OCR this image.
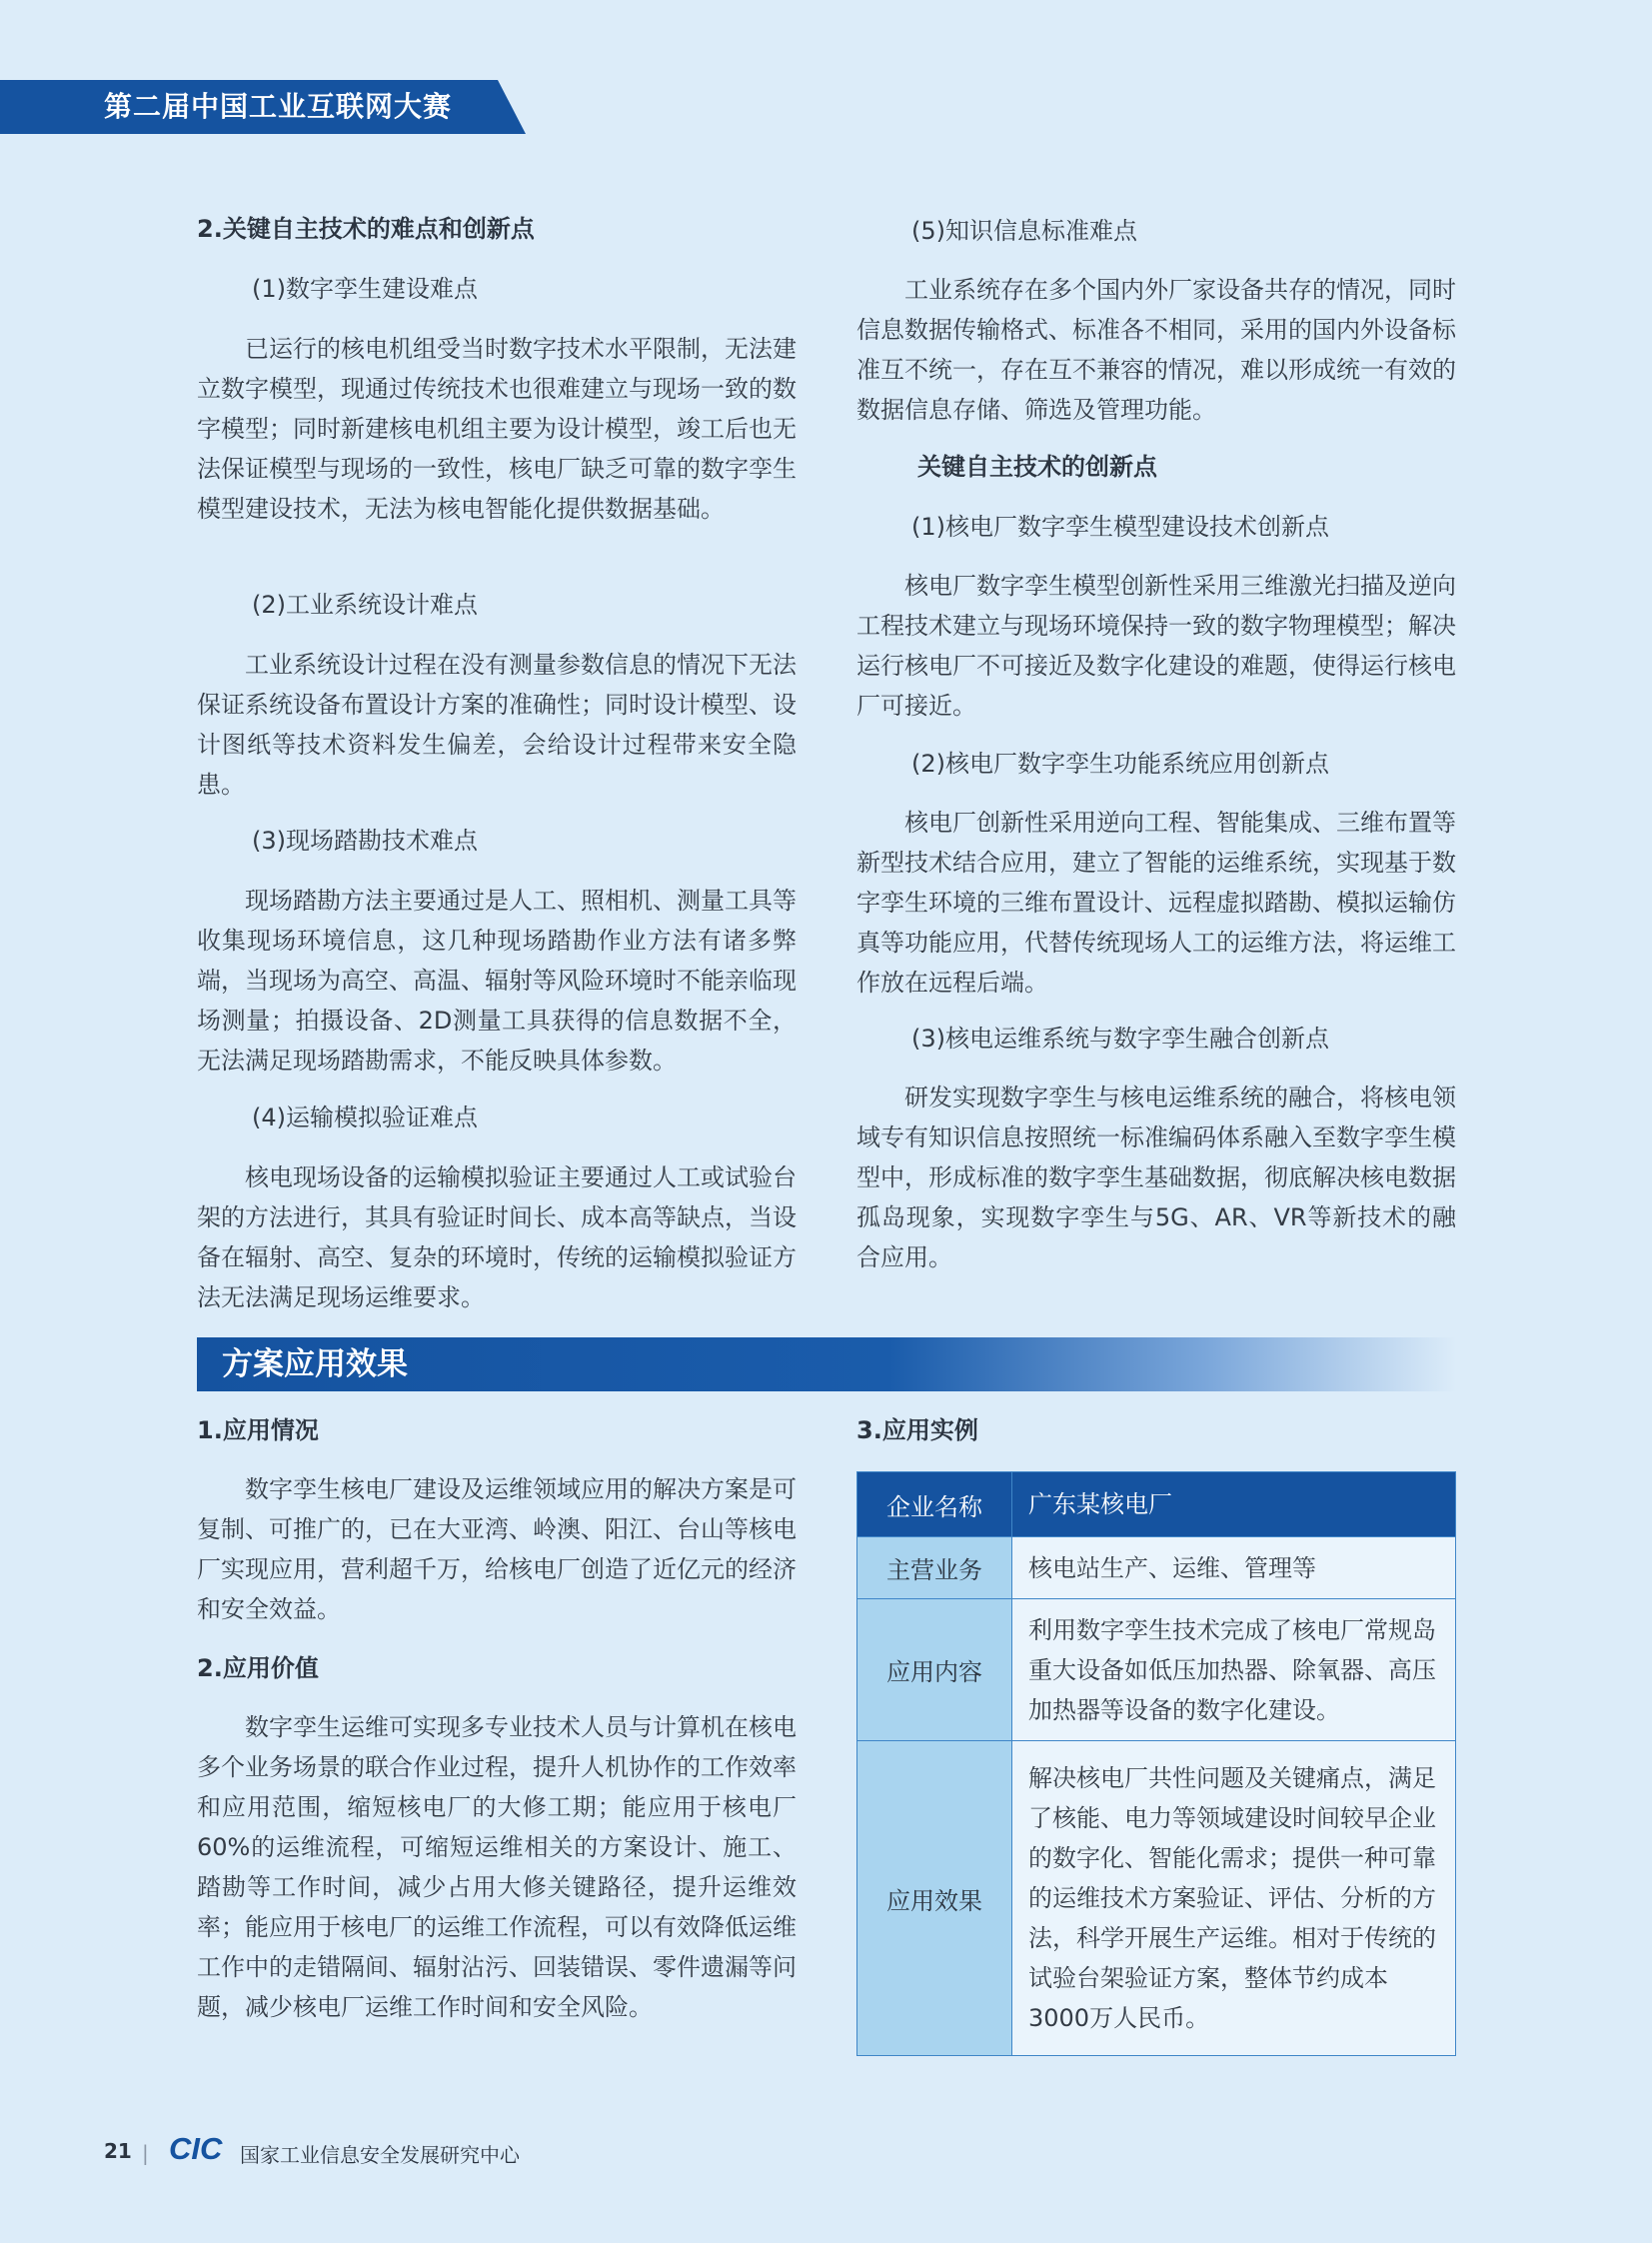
第二届中国工业互联网大赛
2.关键自主技术的难点和创新点
(1)数字孪生建设难点

已运行的核电机组受当时数字技术水平限制，无法建立数字模型，现通过传统技术也很难建立与现场一致的数字模型；同时新建核电机组主要为设计模型，竣工后也无法保证模型与现场的一致性，核电厂缺乏可靠的数字孪生模型建设技术，无法为核电智能化提供数据基础。

(2)工业系统设计难点

工业系统设计过程在没有测量参数信息的情况下无法保证系统设备布置设计方案的准确性；同时设计模型、设计图纸等技术资料发生偏差，会给设计过程带来安全隐患。

(3)现场踏勘技术难点

现场踏勘方法主要通过是人工、照相机、测量工具等收集现场环境信息，这几种现场踏勘作业方法有诸多弊端，当现场为高空、高温、辐射等风险环境时不能亲临现场测量；拍摄设备、2D测量工具获得的信息数据不全，无法满足现场踏勘需求，不能反映具体参数。

(4)运输模拟验证难点

核电现场设备的运输模拟验证主要通过人工或试验台架的方法进行，其具有验证时间长、成本高等缺点，当设备在辐射、高空、复杂的环境时，传统的运输模拟验证方法无法满足现场运维要求。

(5)知识信息标准难点

工业系统存在多个国内外厂家设备共存的情况，同时信息数据传输格式、标准各不相同，采用的国内外设备标准互不统一，存在互不兼容的情况，难以形成统一有效的数据信息存储、筛选及管理功能。

关键自主技术的创新点
(1)核电厂数字孪生模型建设技术创新点

核电厂数字孪生模型创新性采用三维激光扫描及逆向工程技术建立与现场环境保持一致的数字物理模型；解决运行核电厂不可接近及数字化建设的难题，使得运行核电厂可接近。

(2)核电厂数字孪生功能系统应用创新点

核电厂创新性采用逆向工程、智能集成、三维布置等新型技术结合应用，建立了智能的运维系统，实现基于数字孪生环境的三维布置设计、远程虚拟踏勘、模拟运输仿真等功能应用，代替传统现场人工的运维方法，将运维工作放在远程后端。

(3)核电运维系统与数字孪生融合创新点

研发实现数字孪生与核电运维系统的融合，将核电领域专有知识信息按照统一标准编码体系融入至数字孪生模型中，形成标准的数字孪生基础数据，彻底解决核电数据孤岛现象，实现数字孪生与5G、AR、VR等新技术的融合应用。

方案应用效果
1.应用情况

数字孪生核电厂建设及运维领域应用的解决方案是可复制、可推广的，已在大亚湾、岭澳、阳江、台山等核电厂实现应用，营利超千万，给核电厂创造了近亿元的经济和安全效益。

2.应用价值

数字孪生运维可实现多专业技术人员与计算机在核电多个业务场景的联合作业过程，提升人机协作的工作效率和应用范围，缩短核电厂的大修工期；能应用于核电厂60%的运维流程，可缩短运维相关的方案设计、施工、踏勘等工作时间，减少占用大修关键路径，提升运维效率；能应用于核电厂的运维工作流程，可以有效降低运维工作中的走错隔间、辐射沾污、回装错误、零件遗漏等问题，减少核电厂运维工作时间和安全风险。

3.应用实例
企业名称	广东某核电厂
主营业务	核电站生产、运维、管理等
应用内容	利用数字孪生技术完成了核电厂常规岛重大设备如低压加热器、除氧器、高压加热器等设备的数字化建设。
应用效果	解决核电厂共性问题及关键痛点，满足了核能、电力等领域建设时间较早企业的数字化、智能化需求；提供一种可靠的运维技术方案验证、评估、分析的方法，科学开展生产运维。相对于传统的试验台架验证方案，整体节约成本3000万人民币。
21 | CIC 国家工业信息安全发展研究中心
